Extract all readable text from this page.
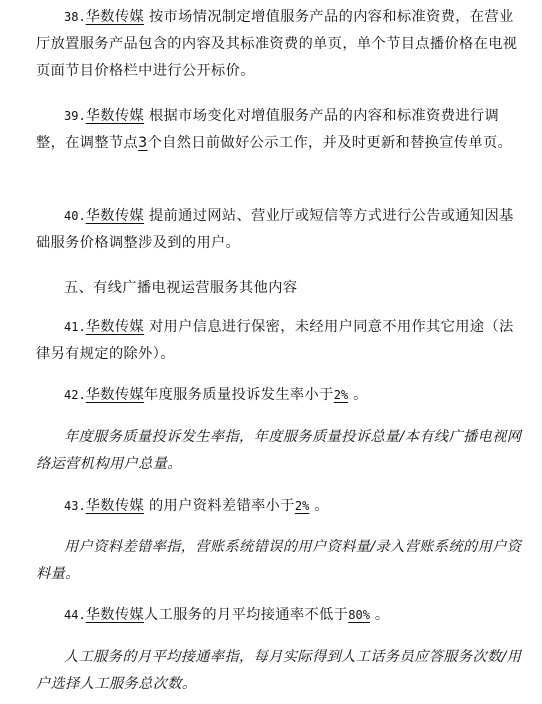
38.华数传媒 按市场情况制定增值服务产品的内容和标准资费，在营业厅放置服务产品包含的内容及其标准资费的单页，单个节目点播价格在电视页面节目价格栏中进行公开标价。

39.华数传媒 根据市场变化对增值服务产品的内容和标准资费进行调整，在调整节点3个自然日前做好公示工作，并及时更新和替换宣传单页。

40.华数传媒 提前通过网站、营业厅或短信等方式进行公告或通知因基础服务价格调整涉及到的用户。

五、有线广播电视运营服务其他内容

41.华数传媒 对用户信息进行保密，未经用户同意不用作其它用途（法律另有规定的除外）。

42.华数传媒年度服务质量投诉发生率小于2% 。

年度服务质量投诉发生率指，年度服务质量投诉总量/本有线广播电视网络运营机构用户总量。

43.华数传媒 的用户资料差错率小于2% 。

用户资料差错率指，营账系统错误的用户资料量/录入营账系统的用户资料量。

44.华数传媒人工服务的月平均接通率不低于80% 。

人工服务的月平均接通率指，每月实际得到人工话务员应答服务次数/用户选择人工服务总次数。
